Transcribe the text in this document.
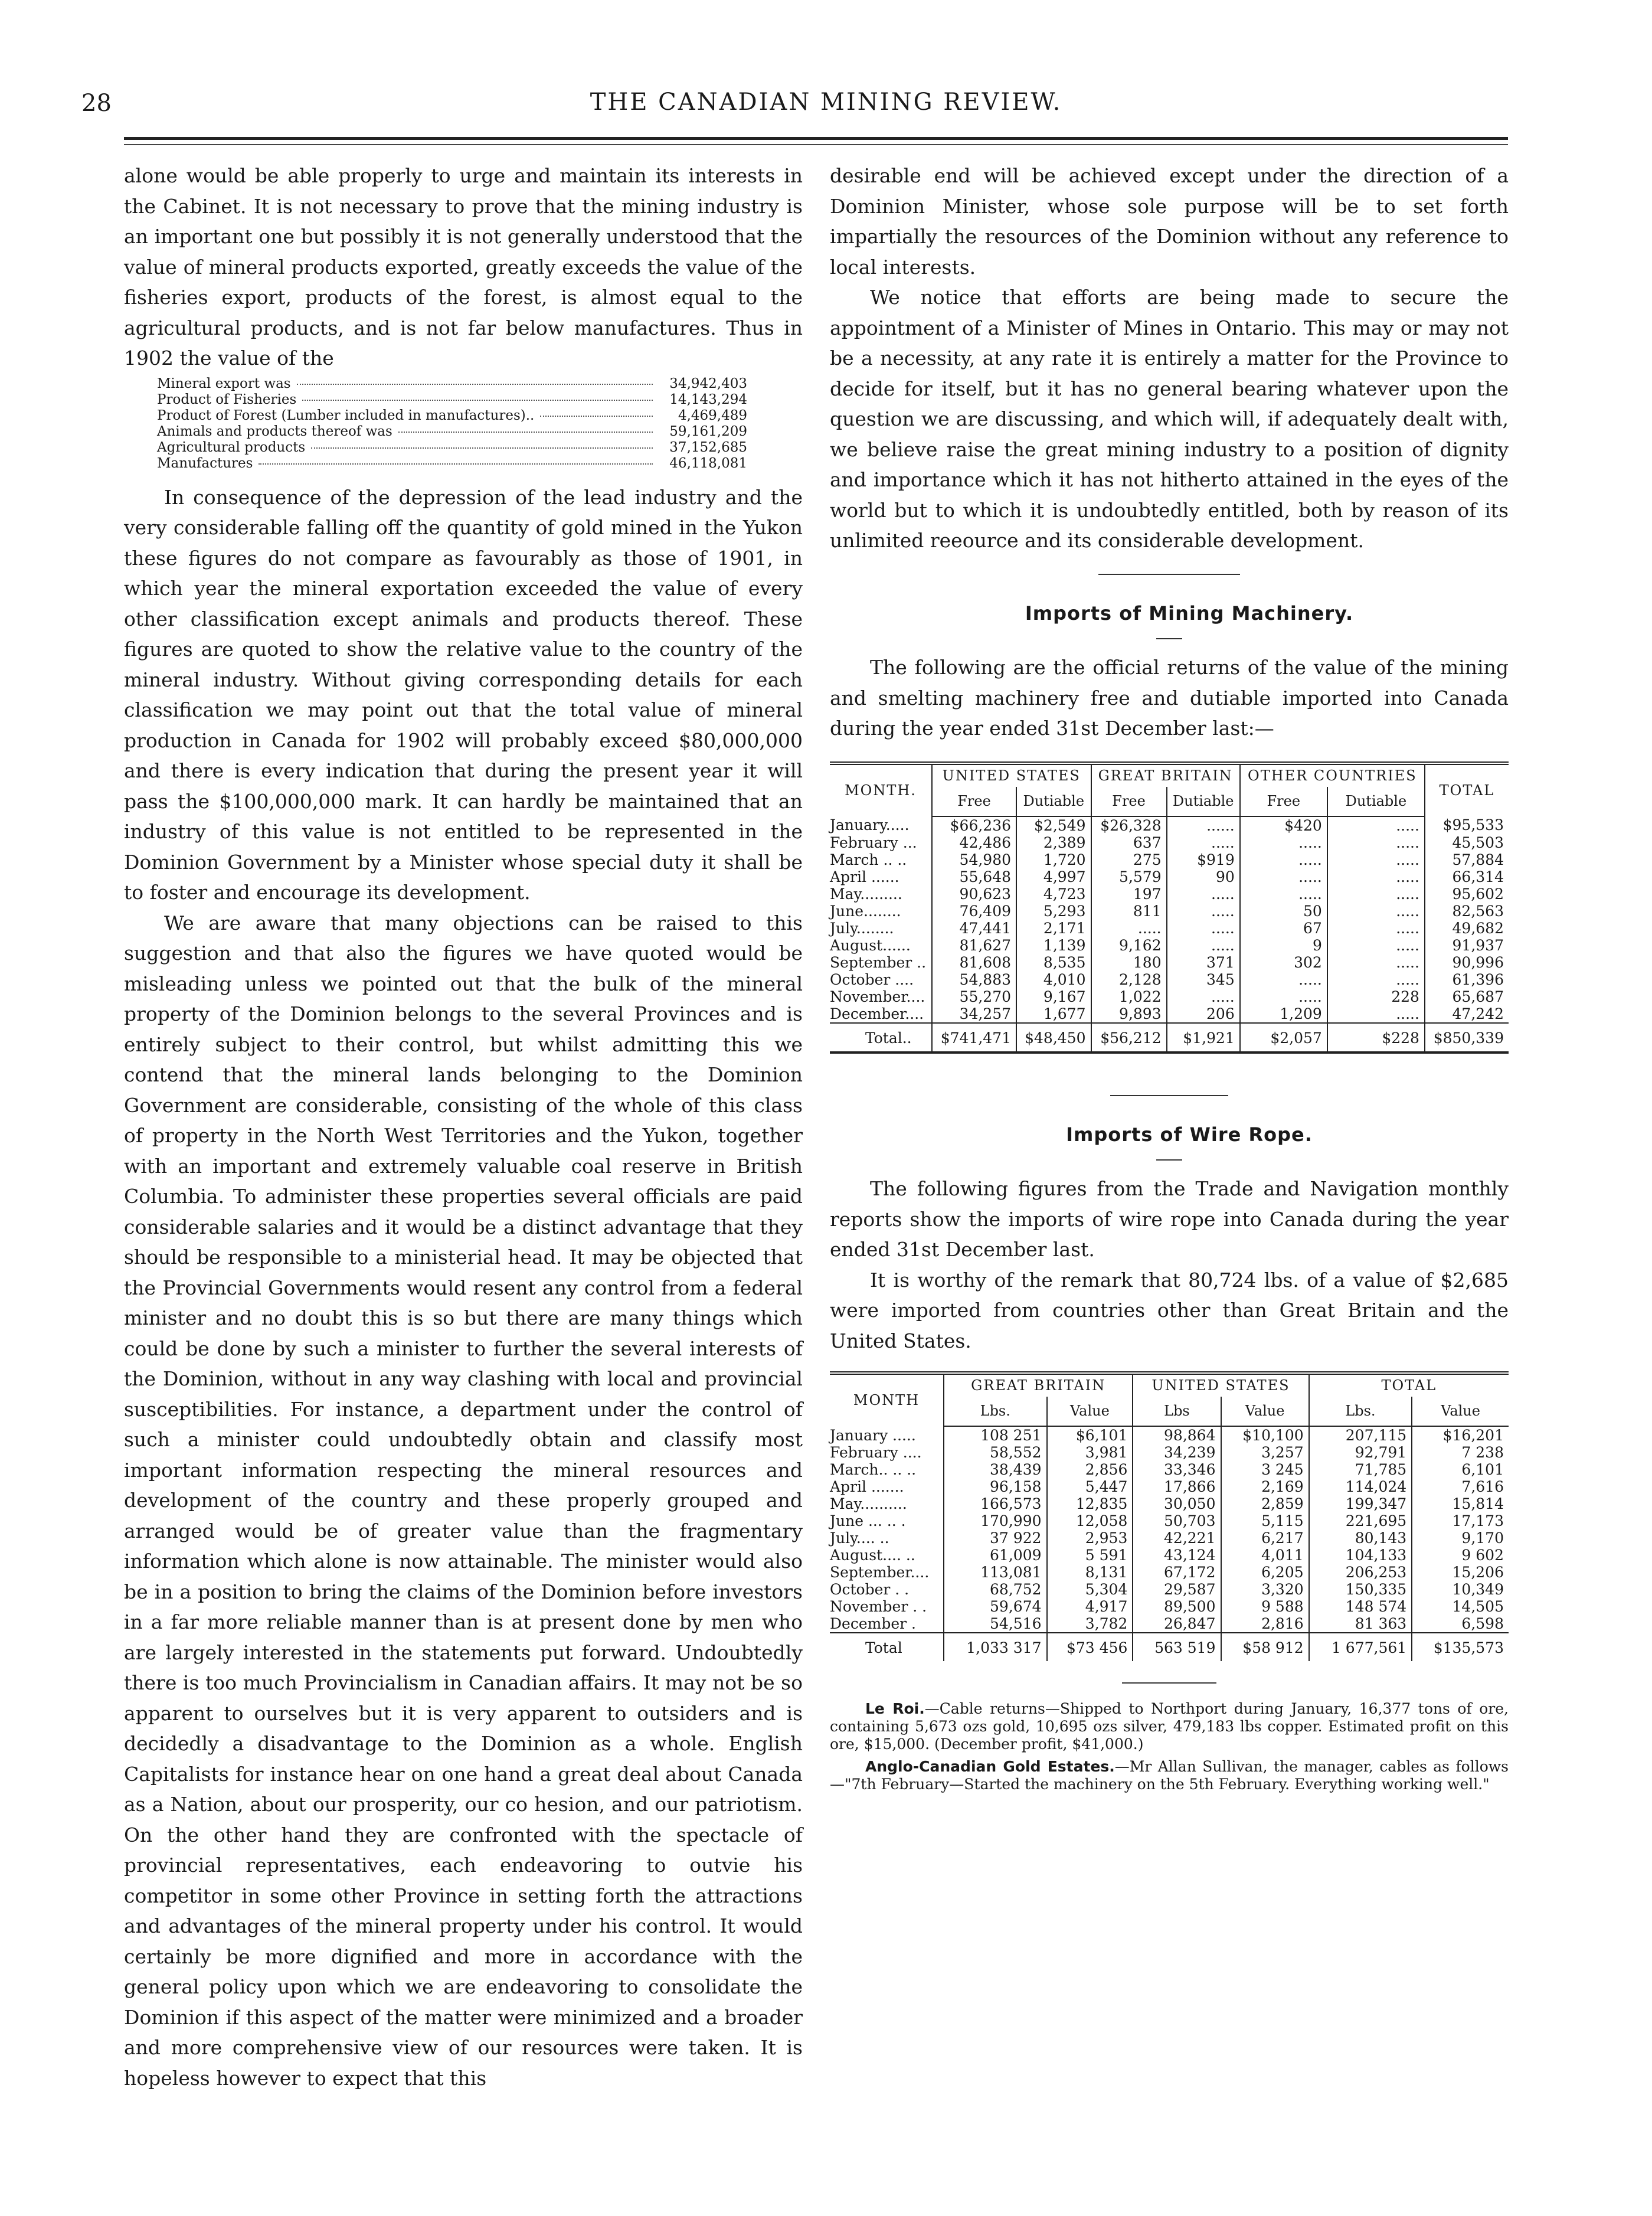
28	THE CANADIAN MINING REVIEW.

alone would be able properly to urge and maintain its interests in the Cabinet. It is not necessary to prove that the mining industry is an important one but possibly it is not generally understood that the value of mineral products exported, greatly exceeds the value of the fisheries export, products of the forest, is almost equal to the agricultural products, and is not far below manufactures. Thus in 1902 the value of the

Mineral export was	34,942,403
Product of Fisheries	14,143,294
Product of Forest (Lumber included in manufactures)..	4,469,489
Animals and products thereof was	59,161,209
Agricultural products	37,152,685
Manufactures	46,118,081

In consequence of the depression of the lead industry and the very considerable falling off the quantity of gold mined in the Yukon these figures do not compare as favourably as those of 1901, in which year the mineral exportation exceeded the value of every other classification except animals and products thereof. These figures are quoted to show the relative value to the country of the mineral industry. Without giving corresponding details for each classification we may point out that the total value of mineral production in Canada for 1902 will probably exceed $80,000,000 and there is every indication that during the present year it will pass the $100,000,000 mark. It can hardly be maintained that an industry of this value is not entitled to be represented in the Dominion Government by a Minister whose special duty it shall be to foster and encourage its development.

We are aware that many objections can be raised to this suggestion and that also the figures we have quoted would be misleading unless we pointed out that the bulk of the mineral property of the Dominion belongs to the several Provinces and is entirely subject to their control, but whilst admitting this we contend that the mineral lands belonging to the Dominion Government are considerable, consisting of the whole of this class of property in the North West Territories and the Yukon, together with an important and extremely valuable coal reserve in British Columbia. To administer these properties several officials are paid considerable salaries and it would be a distinct advantage that they should be responsible to a ministerial head. It may be objected that the Provincial Governments would resent any control from a federal minister and no doubt this is so but there are many things which could be done by such a minister to further the several interests of the Dominion, without in any way clashing with local and provincial susceptibilities. For instance, a department under the control of such a minister could undoubtedly obtain and classify most important information respecting the mineral resources and development of the country and these properly grouped and arranged would be of greater value than the fragmentary information which alone is now attainable. The minister would also be in a position to bring the claims of the Dominion before investors in a far more reliable manner than is at present done by men who are largely interested in the statements put forward. Undoubtedly there is too much Provincialism in Canadian affairs. It may not be so apparent to ourselves but it is very apparent to outsiders and is decidedly a disadvantage to the Dominion as a whole. English Capitalists for instance hear on one hand a great deal about Canada as a Nation, about our prosperity, our co hesion, and our patriotism. On the other hand they are confronted with the spectacle of provincial representatives, each endeavoring to outvie his competitor in some other Province in setting forth the attractions and advantages of the mineral property under his control. It would certainly be more dignified and more in accordance with the general policy upon which we are endeavoring to consolidate the Dominion if this aspect of the matter were minimized and a broader and more comprehensive view of our resources were taken. It is hopeless however to expect that this

desirable end will be achieved except under the direction of a Dominion Minister, whose sole purpose will be to set forth impartially the resources of the Dominion without any reference to local interests.

We notice that efforts are being made to secure the appointment of a Minister of Mines in Ontario. This may or may not be a necessity, at any rate it is entirely a matter for the Province to decide for itself, but it has no general bearing whatever upon the question we are discussing, and which will, if adequately dealt with, we believe raise the great mining industry to a position of dignity and importance which it has not hitherto attained in the eyes of the world but to which it is undoubtedly entitled, both by reason of its unlimited reeource and its considerable development.

Imports of Mining Machinery.

The following are the official returns of the value of the mining and smelting machinery free and dutiable imported into Canada during the year ended 31st December last:—

MONTH.	UNITED STATES		GREAT BRITAIN		OTHER COUNTRIES		TOTAL
	Free	Dutiable	Free	Dutiable	Free	Dutiable	
January.....	$66,236	$2,549	$26,328	......	$420	.....	$95,533
February ...	42,486	2,389	637	.....	.....	.....	45,503
March .. ..	54,980	1,720	275	$919	.....	.....	57,884
April ......	55,648	4,997	5,579	90	.....	.....	66,314
May.........	90,623	4,723	197	.....	.....	.....	95,602
June........	76,409	5,293	811	.....	50	.....	82,563
July........	47,441	2,171	.....	.....	67	.....	49,682
August......	81,627	1,139	9,162	.....	9	.....	91,937
September ..	81,608	8,535	180	371	302	.....	90,996
October ....	54,883	4,010	2,128	345	.....	.....	61,396
November....	55,270	9,167	1,022	.....	.....	228	65,687
December....	34,257	1,677	9,893	206	1,209	.....	47,242
Total..	$741,471	$48,450	$56,212	$1,921	$2,057	$228	$850,339

Imports of Wire Rope.

The following figures from the Trade and Navigation monthly reports show the imports of wire rope into Canada during the year ended 31st December last.

It is worthy of the remark that 80,724 lbs. of a value of $2,685 were imported from countries other than Great Britain and the United States.

MONTH	GREAT BRITAIN		UNITED STATES		TOTAL	
	Lbs.	Value	Lbs	Value	Lbs.	Value
January .....	108 251	$6,101	98,864	$10,100	207,115	$16,201
February ....	58,552	3,981	34,239	3,257	92,791	7 238
March.. .. ..	38,439	2,856	33,346	3 245	71,785	6,101
April .......	96,158	5,447	17,866	2,169	114,024	7,616
May..........	166,573	12,835	30,050	2,859	199,347	15,814
June ... .. .	170,990	12,058	50,703	5,115	221,695	17,173
July.... ..	37 922	2,953	42,221	6,217	80,143	9,170
August.... ..	61,009	5 591	43,124	4,011	104,133	9 602
September....	113,081	8,131	67,172	6,205	206,253	15,206
October . .	68,752	5,304	29,587	3,320	150,335	10,349
November . .	59,674	4,917	89,500	9 588	148 574	14,505
December .	54,516	3,782	26,847	2,816	81 363	6,598
Total	1,033 317	$73 456	563 519	$58 912	1 677,561	$135,573

Le Roi.—Cable returns—Shipped to Northport during January, 16,377 tons of ore, containing 5,673 ozs gold, 10,695 ozs silver, 479,183 lbs copper. Estimated profit on this ore, $15,000. (December profit, $41,000.)

Anglo-Canadian Gold Estates.—Mr Allan Sullivan, the manager, cables as follows —"7th February—Started the machinery on the 5th February. Everything working well."
